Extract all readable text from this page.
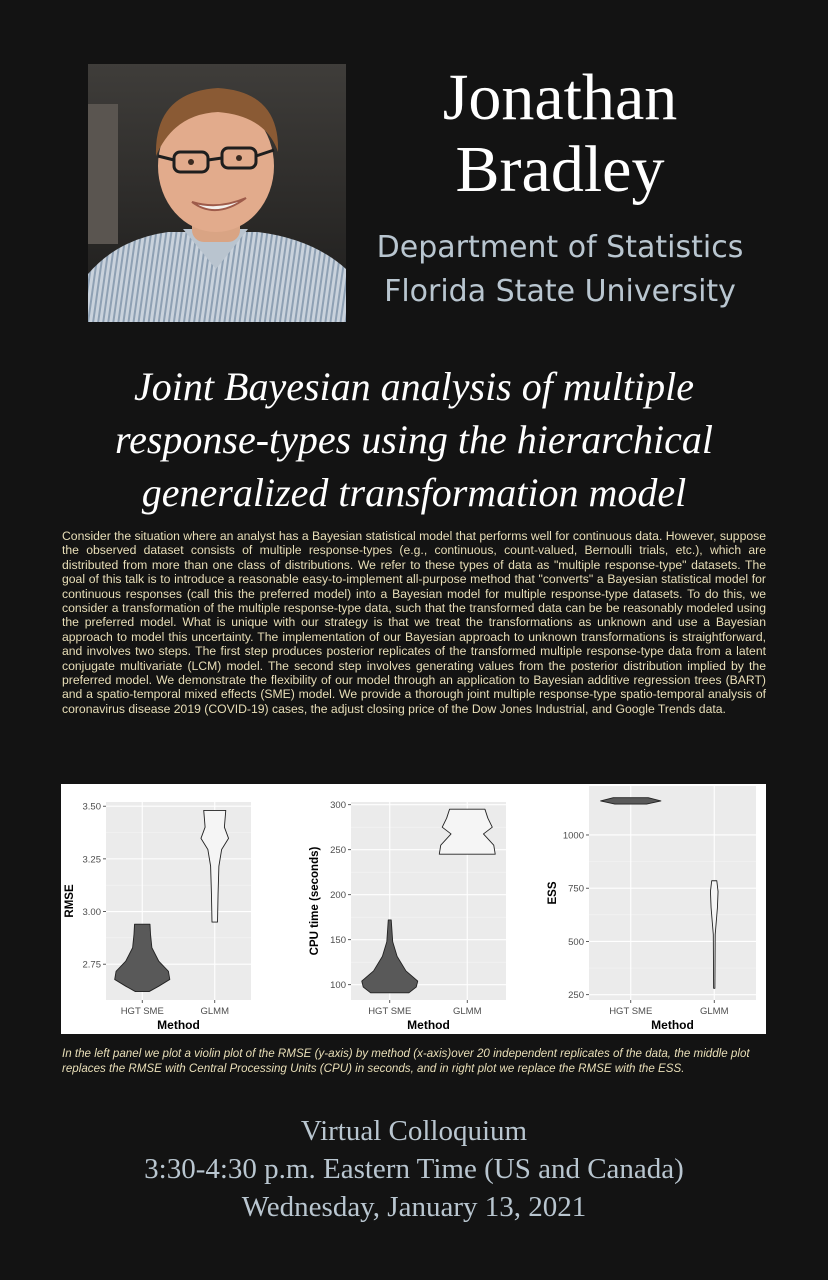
Jonathan
Bradley
Department of Statistics
Florida State University
Joint Bayesian analysis of multiple
response-types using the hierarchical
generalized transformation model
Consider the situation where an analyst has a Bayesian statistical model that performs well for continuous data. However, suppose the observed dataset consists of multiple response-types (e.g., continuous, count-valued, Bernoulli trials, etc.), which are distributed from more than one class of distributions. We refer to these types of data as "multiple response-type" datasets. The goal of this talk is to introduce a reasonable easy-to-implement all-purpose method that "converts" a Bayesian statistical model for continuous responses (call this the preferred model) into a Bayesian model for multiple response-type datasets. To do this, we consider a transformation of the multiple response-type data, such that the transformed data can be be reasonably modeled using the preferred model. What is unique with our strategy is that we treat the transformations as unknown and use a Bayesian approach to model this uncertainty. The implementation of our Bayesian approach to unknown transformations is straightforward, and involves two steps. The first step produces posterior replicates of the transformed multiple response-type data from a latent conjugate multivariate (LCM) model. The second step involves generating values from the posterior distribution implied by the preferred model. We demonstrate the flexibility of our model through an application to Bayesian additive regression trees (BART) and a spatio-temporal mixed effects (SME) model. We provide a thorough joint multiple response-type spatio-temporal analysis of coronavirus disease 2019 (COVID-19) cases, the adjust closing price of the Dow Jones Industrial, and Google Trends data.
2.75
3.00
3.25
3.50
HGT SME	GLMM
Method
RMSE
100
150
200
250
300
HGT SME	GLMM
Method
CPU time (seconds)
250
500
750
1000
HGT SME	GLMM
Method
ESS
In the left panel we plot a violin plot of the RMSE (y-axis) by method (x-axis)over 20 independent replicates of the data, the middle plot replaces the RMSE with Central Processing Units (CPU) in seconds, and in right plot we replace the RMSE with the ESS.
Virtual Colloquium
3:30-4:30 p.m. Eastern Time (US and Canada)
Wednesday, January 13, 2021
